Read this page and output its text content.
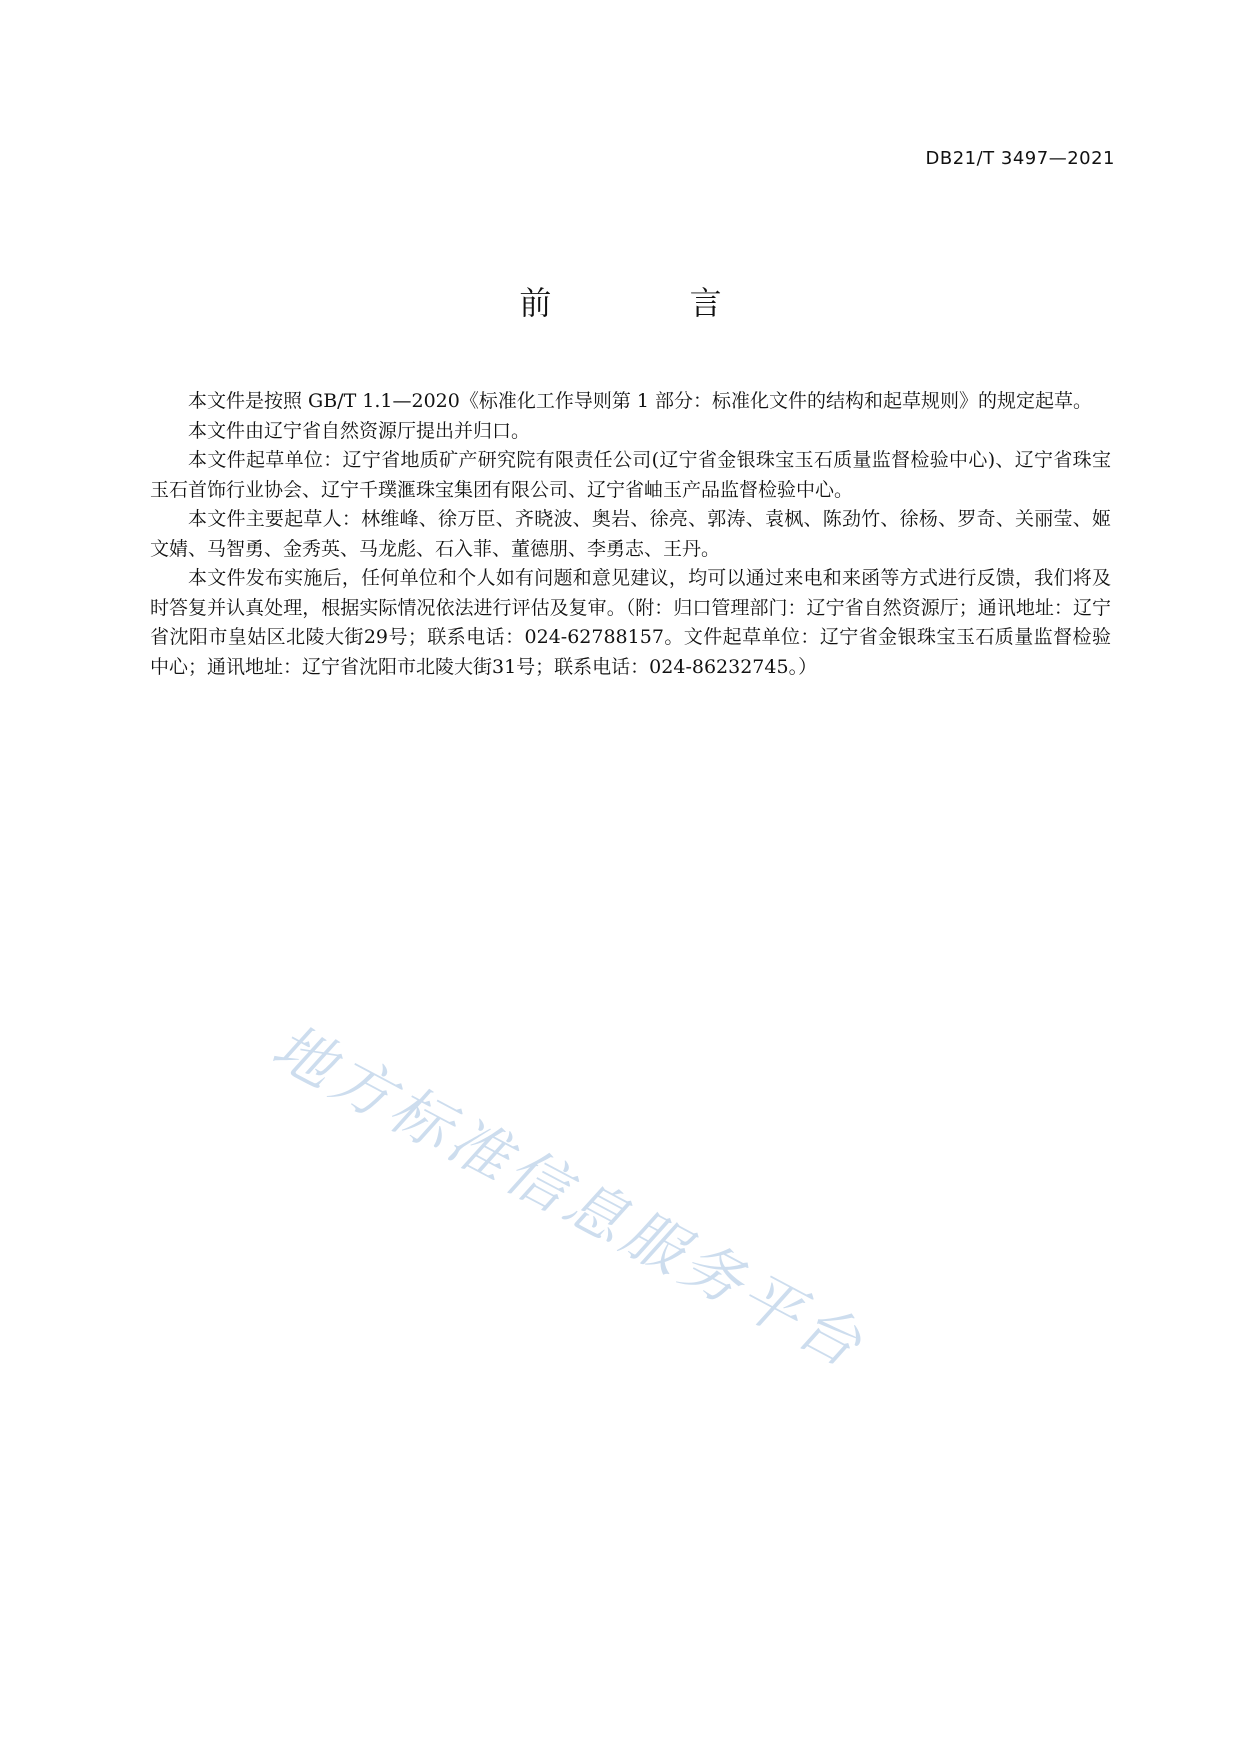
DB21/T 3497—2021
前 言

本文件是按照 GB/T 1.1—2020《标准化工作导则第 1 部分：标准化文件的结构和起草规则》的规定起草。

本文件由辽宁省自然资源厅提出并归口。

本文件起草单位：辽宁省地质矿产研究院有限责任公司(辽宁省金银珠宝玉石质量监督检验中心)、辽宁省珠宝玉石首饰行业协会、辽宁千璞滙珠宝集团有限公司、辽宁省岫玉产品监督检验中心。

本文件主要起草人：林维峰、徐万臣、齐晓波、奥岩、徐亮、郭涛、袁枫、陈劲竹、徐杨、罗奇、关丽莹、姬文婧、马智勇、金秀英、马龙彪、石入菲、董德朋、李勇志、王丹。

本文件发布实施后，任何单位和个人如有问题和意见建议，均可以通过来电和来函等方式进行反馈，我们将及时答复并认真处理，根据实际情况依法进行评估及复审。（附：归口管理部门：辽宁省自然资源厅；通讯地址：辽宁省沈阳市皇姑区北陵大街29号；联系电话：024-62788157。文件起草单位：辽宁省金银珠宝玉石质量监督检验中心；通讯地址：辽宁省沈阳市北陵大街31号；联系电话：024-86232745。）

地方标准信息服务平台
